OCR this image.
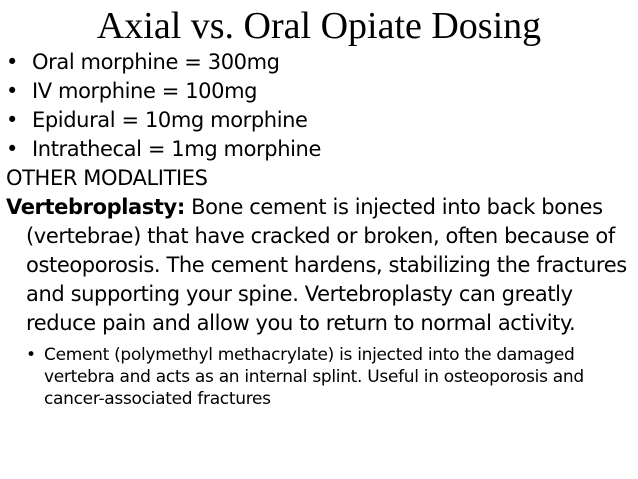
Axial vs. Oral Opiate Dosing
• Oral morphine = 300mg
• IV morphine = 100mg
• Epidural = 10mg morphine
• Intrathecal = 1mg morphine
OTHER MODALITIES
Vertebroplasty: Bone cement is injected into back bones (vertebrae) that have cracked or broken, often because of osteoporosis. The cement hardens, stabilizing the fractures and supporting your spine. Vertebroplasty can greatly reduce pain and allow you to return to normal activity.
• Cement (polymethyl methacrylate) is injected into the damaged vertebra and acts as an internal splint. Useful in osteoporosis and cancer-associated fractures
